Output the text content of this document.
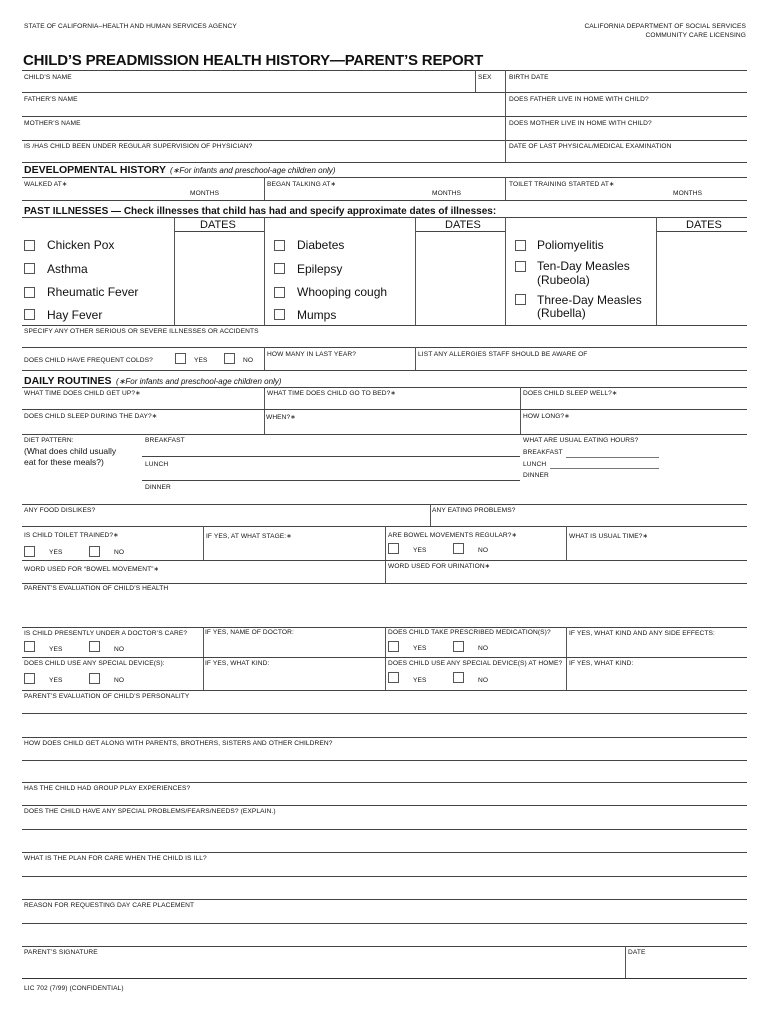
STATE OF CALIFORNIA–HEALTH AND HUMAN SERVICES AGENCY	CALIFORNIA DEPARTMENT OF SOCIAL SERVICES
COMMUNITY CARE LICENSING
CHILD’S PREADMISSION HEALTH HISTORY—PARENT’S REPORT
CHILD’S NAME	SEX	BIRTH DATE
FATHER’S NAME	DOES FATHER LIVE IN HOME WITH CHILD?
MOTHER’S NAME	DOES MOTHER LIVE IN HOME WITH CHILD?
IS /HAS CHILD BEEN UNDER REGULAR SUPERVISION OF PHYSICIAN?	DATE OF LAST PHYSICAL/MEDICAL EXAMINATION
DEVELOPMENTAL HISTORY (∗For infants and preschool-age children only)
WALKED AT∗	BEGAN TALKING AT∗	TOILET TRAINING STARTED AT∗
MONTHS	MONTHS	MONTHS
PAST ILLNESSES — Check illnesses that child has had and specify approximate dates of illnesses:
DATES	DATES	DATES
Chicken Pox
Asthma
Rheumatic Fever
Hay Fever
Diabetes
Epilepsy
Whooping cough
Mumps
Poliomyelitis
Ten-Day Measles
(Rubeola)
Three-Day Measles
(Rubella)
SPECIFY ANY OTHER SERIOUS OR SEVERE ILLNESSES OR ACCIDENTS
DOES CHILD HAVE FREQUENT COLDS?	YES	NO
HOW MANY IN LAST YEAR?	LIST ANY ALLERGIES STAFF SHOULD BE AWARE OF
DAILY ROUTINES (∗For infants and preschool-age children only)
WHAT TIME DOES CHILD GET UP?∗	WHAT TIME DOES CHILD GO TO BED?∗	DOES CHILD SLEEP WELL?∗
DOES CHILD SLEEP DURING THE DAY?∗	WHEN?∗	HOW LONG?∗
DIET PATTERN:
(What does child usually
eat for these meals?)
BREAKFAST
LUNCH
DINNER
WHAT ARE USUAL EATING HOURS?
BREAKFAST
LUNCH
DINNER
ANY FOOD DISLIKES?	ANY EATING PROBLEMS?
IS CHILD TOILET TRAINED?∗	IF YES, AT WHAT STAGE:∗	ARE BOWEL MOVEMENTS REGULAR?∗	WHAT IS USUAL TIME?∗
YES	NO	YES	NO
WORD USED FOR “BOWEL MOVEMENT”∗	WORD USED FOR URINATION∗
PARENT’S EVALUATION OF CHILD’S HEALTH
IS CHILD PRESENTLY UNDER A DOCTOR’S CARE?	IF YES, NAME OF DOCTOR:	DOES CHILD TAKE PRESCRIBED MEDICATION(S)?	IF YES, WHAT KIND AND ANY SIDE EFFECTS:
YES	NO	YES	NO
DOES CHILD USE ANY SPECIAL DEVICE(S):	IF YES, WHAT KIND:	DOES CHILD USE ANY SPECIAL DEVICE(S) AT HOME? IF YES, WHAT KIND:
YES	NO	YES	NO
PARENT’S EVALUATION OF CHILD’S PERSONALITY
HOW DOES CHILD GET ALONG WITH PARENTS, BROTHERS, SISTERS AND OTHER CHILDREN?
HAS THE CHILD HAD GROUP PLAY EXPERIENCES?
DOES THE CHILD HAVE ANY SPECIAL PROBLEMS/FEARS/NEEDS? (EXPLAIN.)
WHAT IS THE PLAN FOR CARE WHEN THE CHILD IS ILL?
REASON FOR REQUESTING DAY CARE PLACEMENT
PARENT’S SIGNATURE	DATE
LIC 702 (7/99) (CONFIDENTIAL)
